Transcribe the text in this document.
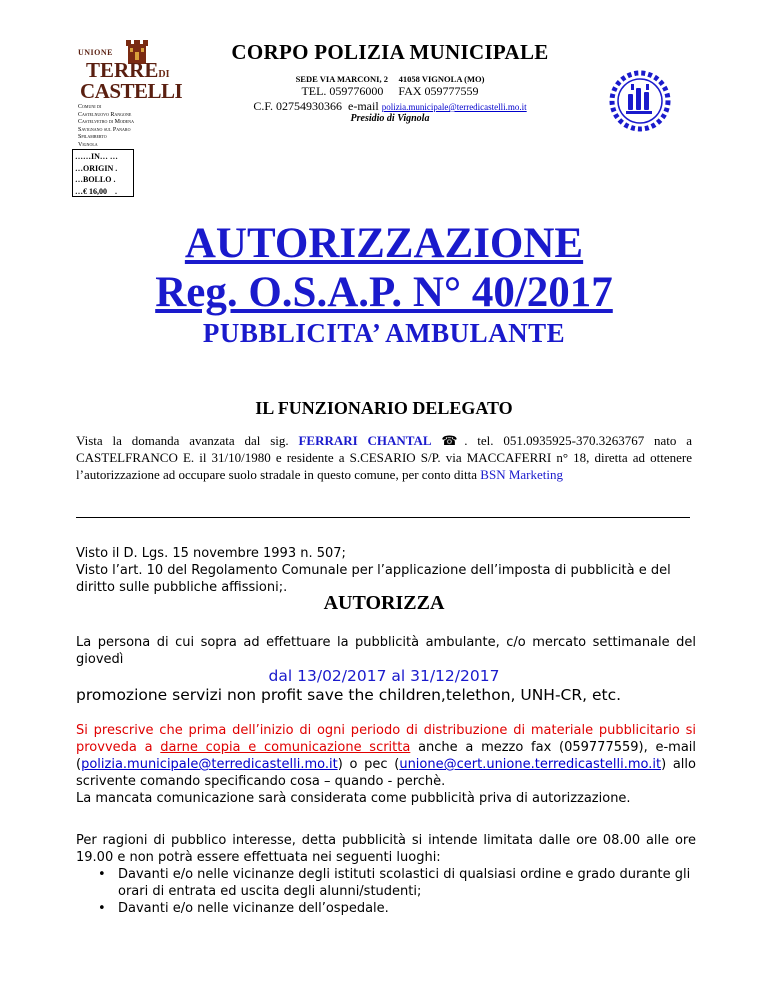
UNIONE
TERREDI
CASTELLI
Comuni di
Castelnuovo Rangone
Castelvetro di Modena
Savignano sul Panaro
Spilamberto
Vignola
CORPO POLIZIA MUNICIPALE
SEDE VIA MARCONI, 2     41058 VIGNOLA (MO)
TEL. 059776000     FAX 059777559
C.F. 02754930366  e-mail polizia.municipale@terredicastelli.mo.it
Presidio di Vignola
……IN… …
…ORIGIN .
…BOLLO .
…€ 16,00    .
AUTORIZZAZIONE
Reg. O.S.A.P. N° 40/2017
PUBBLICITA’ AMBULANTE
IL FUNZIONARIO DELEGATO
Vista la domanda avanzata dal sig. FERRARI CHANTAL ☎. tel. 051.0935925-370.3263767 nato a CASTELFRANCO E. il 31/10/1980 e residente a S.CESARIO S/P. via MACCAFERRI n° 18, diretta ad ottenere l’autorizzazione ad occupare suolo stradale in questo comune, per conto ditta BSN Marketing
Visto il D. Lgs. 15 novembre 1993 n. 507;
Visto l’art. 10 del Regolamento Comunale per l’applicazione dell’imposta di pubblicità e del diritto sulle pubbliche affissioni;.
AUTORIZZA
La persona di cui sopra ad effettuare la pubblicità ambulante, c/o mercato settimanale del giovedì
dal 13/02/2017 al 31/12/2017
promozione servizi non profit save the children,telethon, UNH-CR, etc.
Si prescrive che prima dell’inizio di ogni periodo di distribuzione di materiale pubblicitario si provveda a darne copia e comunicazione scritta anche a mezzo fax (059777559), e-mail (polizia.municipale@terredicastelli.mo.it) o pec (unione@cert.unione.terredicastelli.mo.it) allo scrivente comando specificando cosa – quando - perchè.
La mancata comunicazione sarà considerata come pubblicità priva di autorizzazione.
Per ragioni di pubblico interesse, detta pubblicità si intende limitata dalle ore 08.00 alle ore 19.00 e non potrà essere effettuata nei seguenti luoghi:
• Davanti e/o nelle vicinanze degli istituti scolastici di qualsiasi ordine e grado durante gli orari di entrata ed uscita degli alunni/studenti;
• Davanti e/o nelle vicinanze dell’ospedale.
